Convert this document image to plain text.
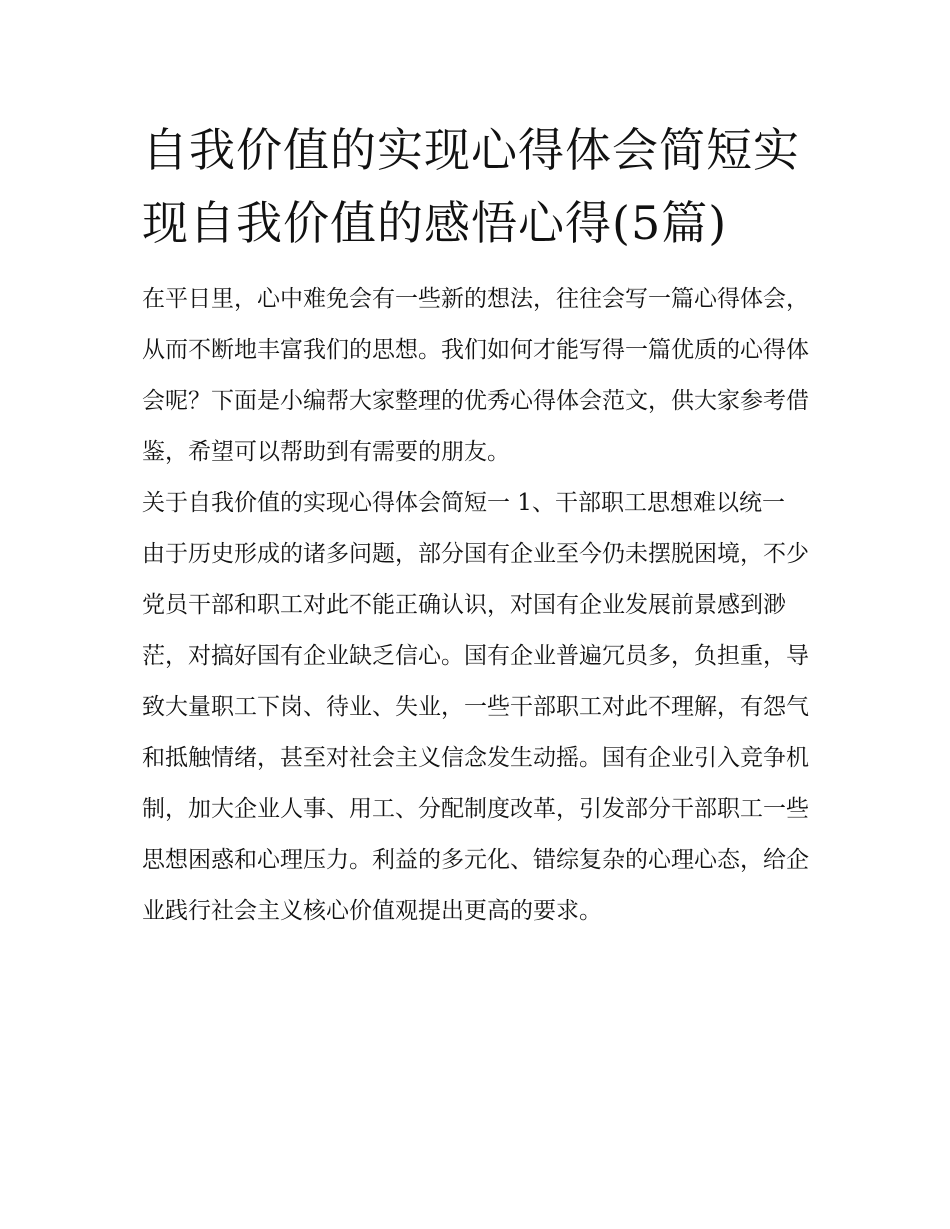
自我价值的实现心得体会简短实现自我价值的感悟心得(5篇)

在平日里，心中难免会有一些新的想法，往往会写一篇心得体会，从而不断地丰富我们的思想。我们如何才能写得一篇优质的心得体会呢？下面是小编帮大家整理的优秀心得体会范文，供大家参考借鉴，希望可以帮助到有需要的朋友。

关于自我价值的实现心得体会简短一 1、干部职工思想难以统一

由于历史形成的诸多问题，部分国有企业至今仍未摆脱困境，不少党员干部和职工对此不能正确认识，对国有企业发展前景感到渺茫，对搞好国有企业缺乏信心。国有企业普遍冗员多，负担重，导致大量职工下岗、待业、失业，一些干部职工对此不理解，有怨气和抵触情绪，甚至对社会主义信念发生动摇。国有企业引入竞争机制，加大企业人事、用工、分配制度改革，引发部分干部职工一些思想困惑和心理压力。利益的多元化、错综复杂的心理心态，给企业践行社会主义核心价值观提出更高的要求。
